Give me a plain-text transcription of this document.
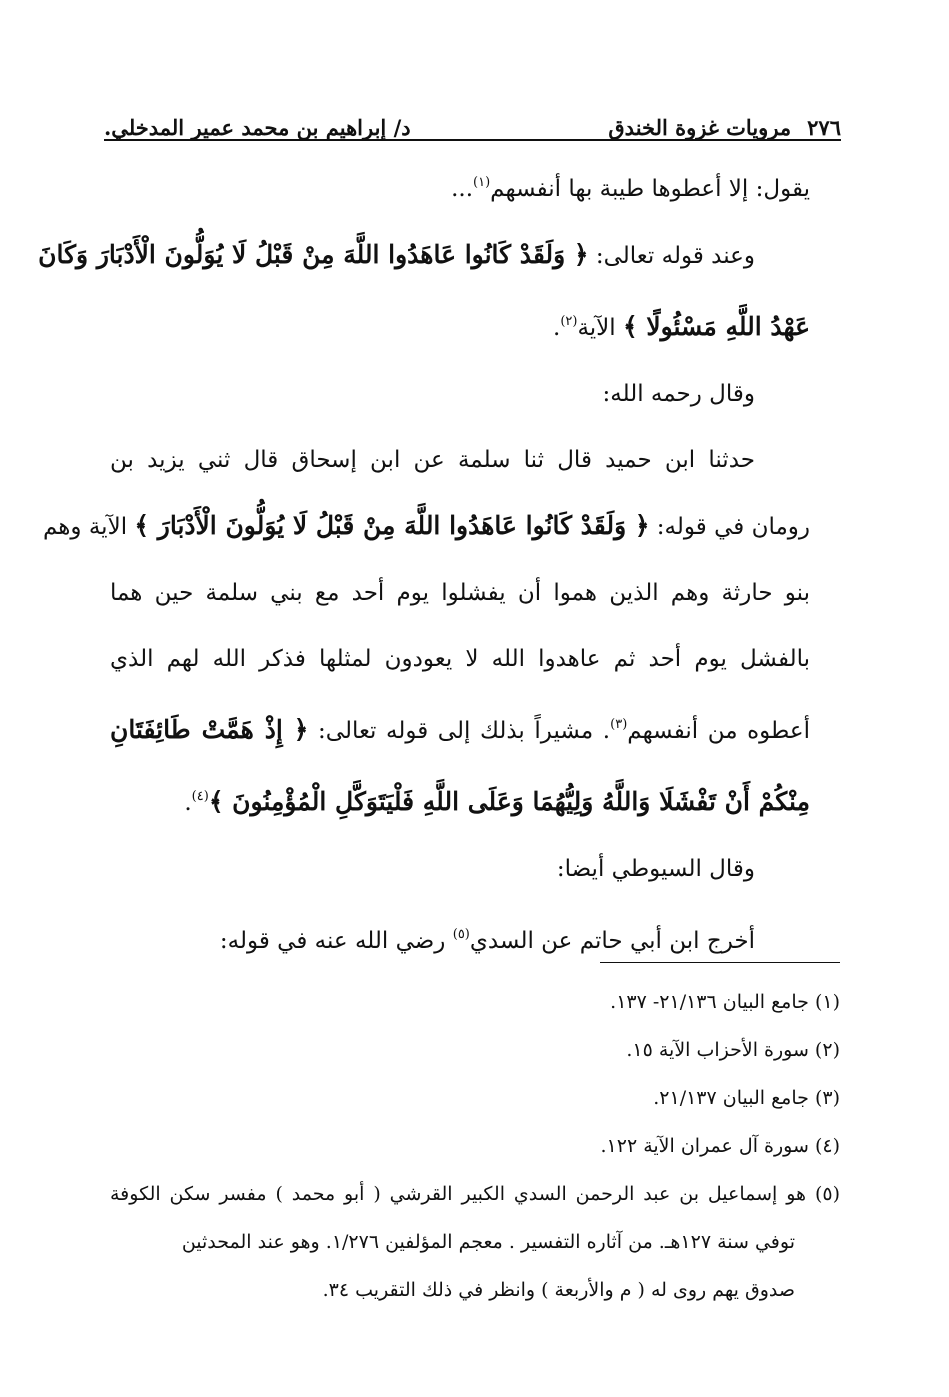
٢٧٦
مرويات غزوة الخندق
د/ إبراهيم بن محمد عمير المدخلي.
يقول: إلا أعطوها طيبة بها أنفسهم$^{(١)}$...
وعند قوله تعالى: ﴿ وَلَقَدْ كَانُوا عَاهَدُوا اللَّهَ مِنْ قَبْلُ لَا يُوَلُّونَ الْأَدْبَارَ وَكَانَ
عَهْدُ اللَّهِ مَسْئُولًا ﴾ الآية$^{(٢)}$.
وقال رحمه الله:
حدثنا ابن حميد قال ثنا سلمة عن ابن إسحاق قال ثني يزيد بن
رومان في قوله: ﴿ وَلَقَدْ كَانُوا عَاهَدُوا اللَّهَ مِنْ قَبْلُ لَا يُوَلُّونَ الْأَدْبَارَ ﴾ الآية وهم
بنو حارثة وهم الذين هموا أن يفشلوا يوم أحد مع بني سلمة حين هما
بالفشل يوم أحد ثم عاهدوا الله لا يعودون لمثلها فذكر الله لهم الذي
أعطوه من أنفسهم$^{(٣)}$. مشيراً بذلك إلى قوله تعالى: ﴿ إِذْ هَمَّتْ طَائِفَتَانِ
مِنْكُمْ أَنْ تَفْشَلَا وَاللَّهُ وَلِيُّهُمَا وَعَلَى اللَّهِ فَلْيَتَوَكَّلِ الْمُؤْمِنُونَ ﴾$^{(٤)}$.
وقال السيوطي أيضا:
أخرج ابن أبي حاتم عن السدي$^{(٥)}$ رضي الله عنه في قوله:
(١) جامع البيان ٢١/١٣٦- ١٣٧.
(٢) سورة الأحزاب الآية ١٥.
(٣) جامع البيان ٢١/١٣٧.
(٤) سورة آل عمران الآية ١٢٢.
(٥) هو إسماعيل بن عبد الرحمن السدي الكبير القرشي ( أبو محمد ) مفسر سكن الكوفة
توفي سنة ١٢٧هـ. من آثاره التفسير . معجم المؤلفين ١/٢٧٦. وهو عند المحدثين
صدوق يهم روى له ( م والأربعة ) وانظر في ذلك التقريب ٣٤.
